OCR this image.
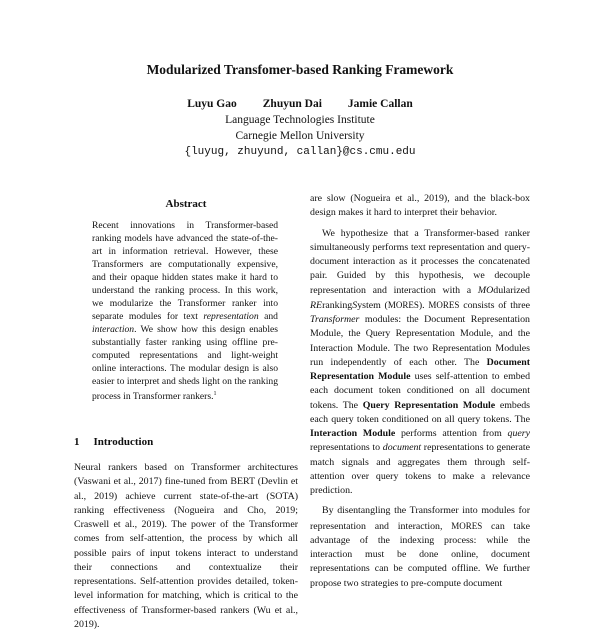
Modularized Transfomer-based Ranking Framework
Luyu Gao Zhuyun Dai Jamie Callan
Language Technologies Institute
Carnegie Mellon University
{luyug, zhuyund, callan}@cs.cmu.edu
Abstract
Recent innovations in Transformer-based ranking models have advanced the state-of-the-art in information retrieval. However, these Transformers are computationally expensive, and their opaque hidden states make it hard to understand the ranking process. In this work, we modularize the Transformer ranker into separate modules for text representation and interaction. We show how this design enables substantially faster ranking using offline pre-computed representations and light-weight online interactions. The modular design is also easier to interpret and sheds light on the ranking process in Transformer rankers.$^1$
1 Introduction

Neural rankers based on Transformer architectures (Vaswani et al., 2017) fine-tuned from BERT (Devlin et al., 2019) achieve current state-of-the-art (SOTA) ranking effectiveness (Nogueira and Cho, 2019; Craswell et al., 2019). The power of the Transformer comes from self-attention, the process by which all possible pairs of input tokens interact to understand their connections and contextualize their representations. Self-attention provides detailed, token-level information for matching, which is critical to the effectiveness of Transformer-based rankers (Wu et al., 2019).

are slow (Nogueira et al., 2019), and the black-box design makes it hard to interpret their behavior.

We hypothesize that a Transformer-based ranker simultaneously performs text representation and query-document interaction as it processes the concatenated pair. Guided by this hypothesis, we decouple representation and interaction with a MOdularized RErankingSystem (MORES). MORES consists of three Transformer modules: the Document Representation Module, the Query Representation Module, and the Interaction Module. The two Representation Modules run independently of each other. The Document Representation Module uses self-attention to embed each document token conditioned on all document tokens. The Query Representation Module embeds each query token conditioned on all query tokens. The Interaction Module performs attention from query representations to document representations to generate match signals and aggregates them through self-attention over query tokens to make a relevance prediction.

By disentangling the Transformer into modules for representation and interaction, MORES can take advantage of the indexing process: while the interaction must be done online, document representations can be computed offline. We further propose two strategies to pre-compute document
